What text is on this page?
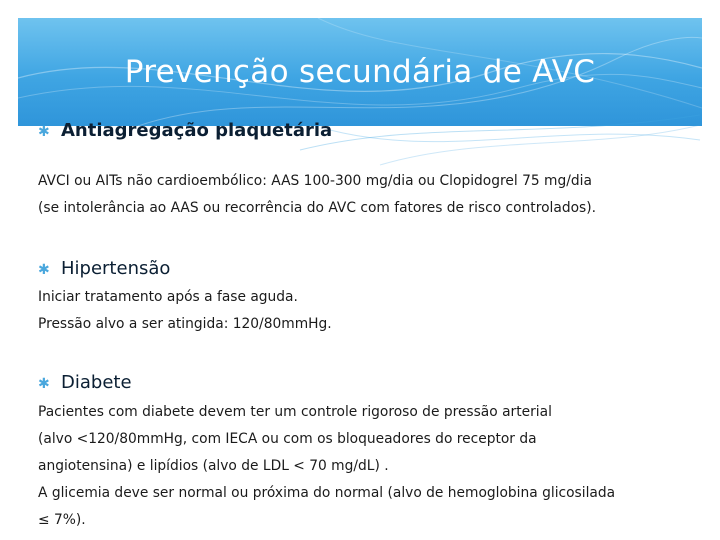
Prevenção secundária de AVC
✱ Antiagregação plaquetária
AVCI ou AITs não cardioembólico: AAS 100-300 mg/dia ou Clopidogrel 75 mg/dia
(se intolerância ao AAS ou recorrência do AVC com fatores de risco controlados).
✱ Hipertensão
Iniciar tratamento após a fase aguda.
Pressão alvo a ser atingida: 120/80mmHg.
✱ Diabete
Pacientes com diabete devem ter um controle rigoroso de pressão arterial
(alvo <120/80mmHg, com IECA ou com os bloqueadores do receptor da
angiotensina) e lipídios (alvo de LDL < 70 mg/dL) .
A glicemia deve ser normal ou próxima do normal (alvo de hemoglobina glicosilada
≤ 7%).
